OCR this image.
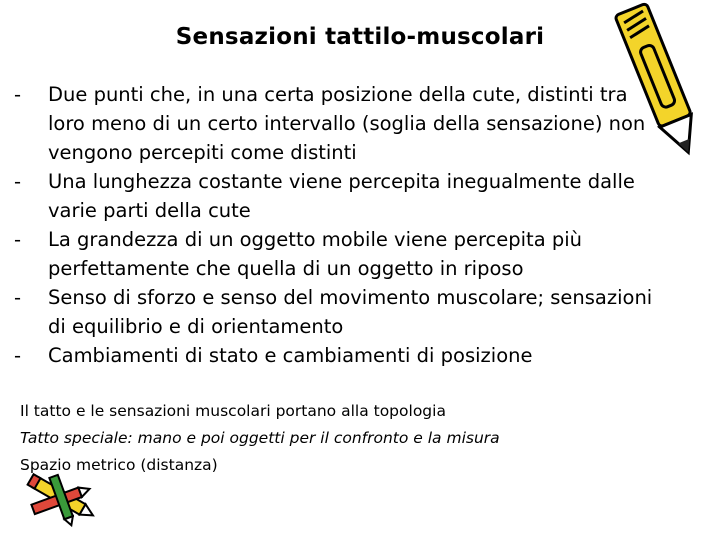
Sensazioni tattilo-muscolari
- Due punti che, in una certa posizione della cute, distinti tra loro meno di un certo intervallo (soglia della sensazione) non vengono percepiti come distinti
- Una lunghezza costante viene percepita inegualmente dalle varie parti della cute
- La grandezza di un oggetto mobile viene percepita più perfettamente che quella di un oggetto in riposo
- Senso di sforzo e senso del movimento muscolare; sensazioni di equilibrio e di orientamento
- Cambiamenti di stato e cambiamenti di posizione
Il tatto e le sensazioni muscolari portano alla topologia
Tatto speciale: mano e poi oggetti per il confronto e la misura
Spazio metrico (distanza)
